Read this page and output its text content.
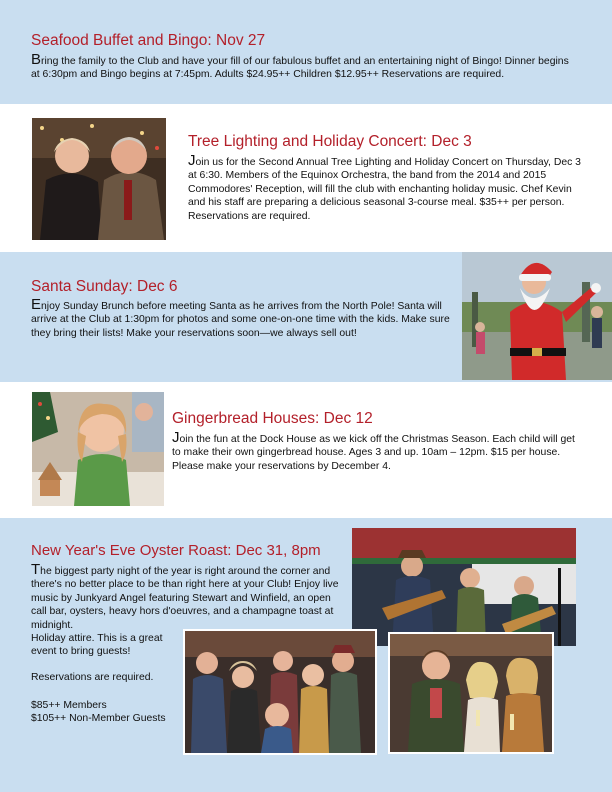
Seafood Buffet and Bingo: Nov 27

Bring the family to the Club and have your fill of our fabulous buffet and an entertaining night of Bingo! Dinner begins at 6:30pm and Bingo begins at 7:45pm. Adults $24.95++ Children $12.95++ Reservations are required.

Tree Lighting and Holiday Concert: Dec 3

Join us for the Second Annual Tree Lighting and Holiday Concert on Thursday, Dec 3 at 6:30. Members of the Equinox Orchestra, the band from the 2014 and 2015 Commodores' Reception, will fill the club with enchanting holiday music. Chef Kevin and his staff are preparing a delicious seasonal 3-course meal. $35++ per person. Reservations are required.

Santa Sunday: Dec 6

Enjoy Sunday Brunch before meeting Santa as he arrives from the North Pole! Santa will arrive at the Club at 1:30pm for photos and some one-on-one time with the kids. Make sure they bring their lists! Make your reservations soon—we always sell out!

Gingerbread Houses: Dec 12

Join the fun at the Dock House as we kick off the Christmas Season. Each child will get to make their own gingerbread house. Ages 3 and up. 10am – 12pm. $15 per house. Please make your reservations by December 4.

New Year's Eve Oyster Roast: Dec 31, 8pm

The biggest party night of the year is right around the corner and there's no better place to be than right here at your Club! Enjoy live music by Junkyard Angel featuring Stewart and Winfield, an open call bar, oysters, heavy hors d'oeuvres, and a champagne toast at midnight.

Holiday attire. This is a great event to bring guests!

Reservations are required.

$85++ Members

$105++ Non-Member Guests
